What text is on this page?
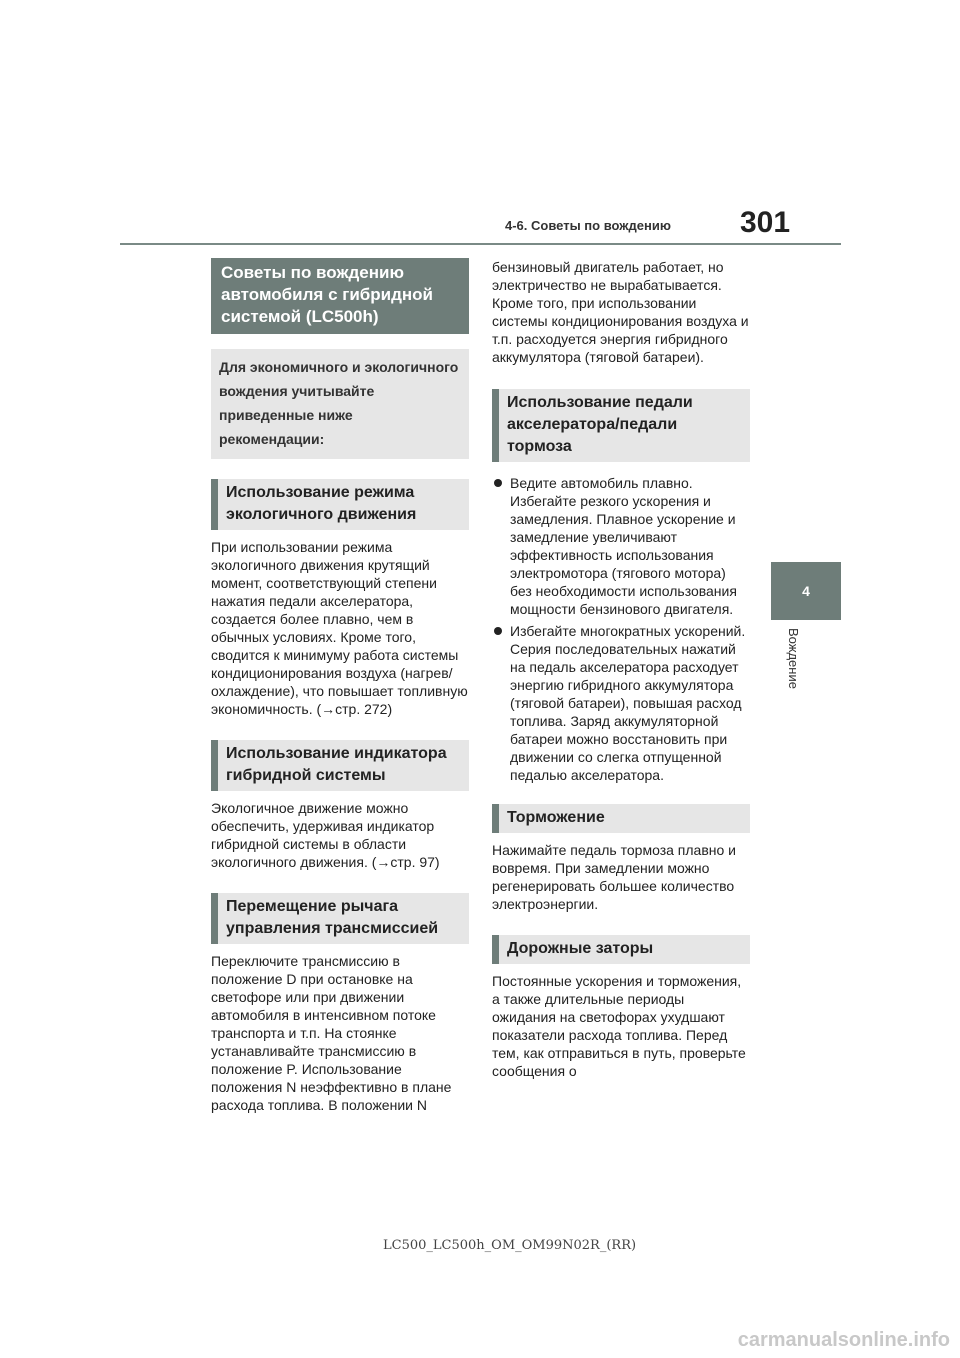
4-6. Советы по вождению 301
4
Вождение
Советы по вождению автомобиля с гибридной системой (LC500h)
Для экономичного и экологичного вождения учитывайте приведенные ниже рекомендации:
Использование режима экологичного движения

При использовании режима экологичного движения крутящий момент, соответствующий степени нажатия педали акселератора, создается более плавно, чем в обычных условиях. Кроме того, сводится к минимуму работа системы кондиционирования воздуха (нагрев/охлаждение), что повышает топливную экономичность. (→стр. 272)

Использование индикатора гибридной системы

Экологичное движение можно обеспечить, удерживая индикатор гибридной системы в области экологичного движения. (→стр. 97)

Перемещение рычага управления трансмиссией

Переключите трансмиссию в положение D при остановке на светофоре или при движении автомобиля в интенсивном потоке транспорта и т.п. На стоянке устанавливайте трансмиссию в положение P. Использование положения N неэффективно в плане расхода топлива. В положении N

бензиновый двигатель работает, но электричество не вырабатывается. Кроме того, при использовании системы кондиционирования воздуха и т.п. расходуется энергия гибридного аккумулятора (тяговой батареи).

Использование педали акселератора/педали тормоза
Ведите автомобиль плавно. Избегайте резкого ускорения и замедления. Плавное ускорение и замедление увеличивают эффективность использования электромотора (тягового мотора) без необходимости использования мощности бензинового двигателя.
Избегайте многократных ускорений. Серия последовательных нажатий на педаль акселератора расходует энергию гибридного аккумулятора (тяговой батареи), повышая расход топлива. Заряд аккумуляторной батареи можно восстановить при движении со слегка отпущенной педалью акселератора.
Торможение

Нажимайте педаль тормоза плавно и вовремя. При замедлении можно регенерировать большее количество электроэнергии.

Дорожные заторы

Постоянные ускорения и торможения, а также длительные периоды ожидания на светофорах ухудшают показатели расхода топлива. Перед тем, как отправиться в путь, проверьте сообщения о

LC500_LC500h_OM_OM99N02R_(RR)
carmanualsonline.info
